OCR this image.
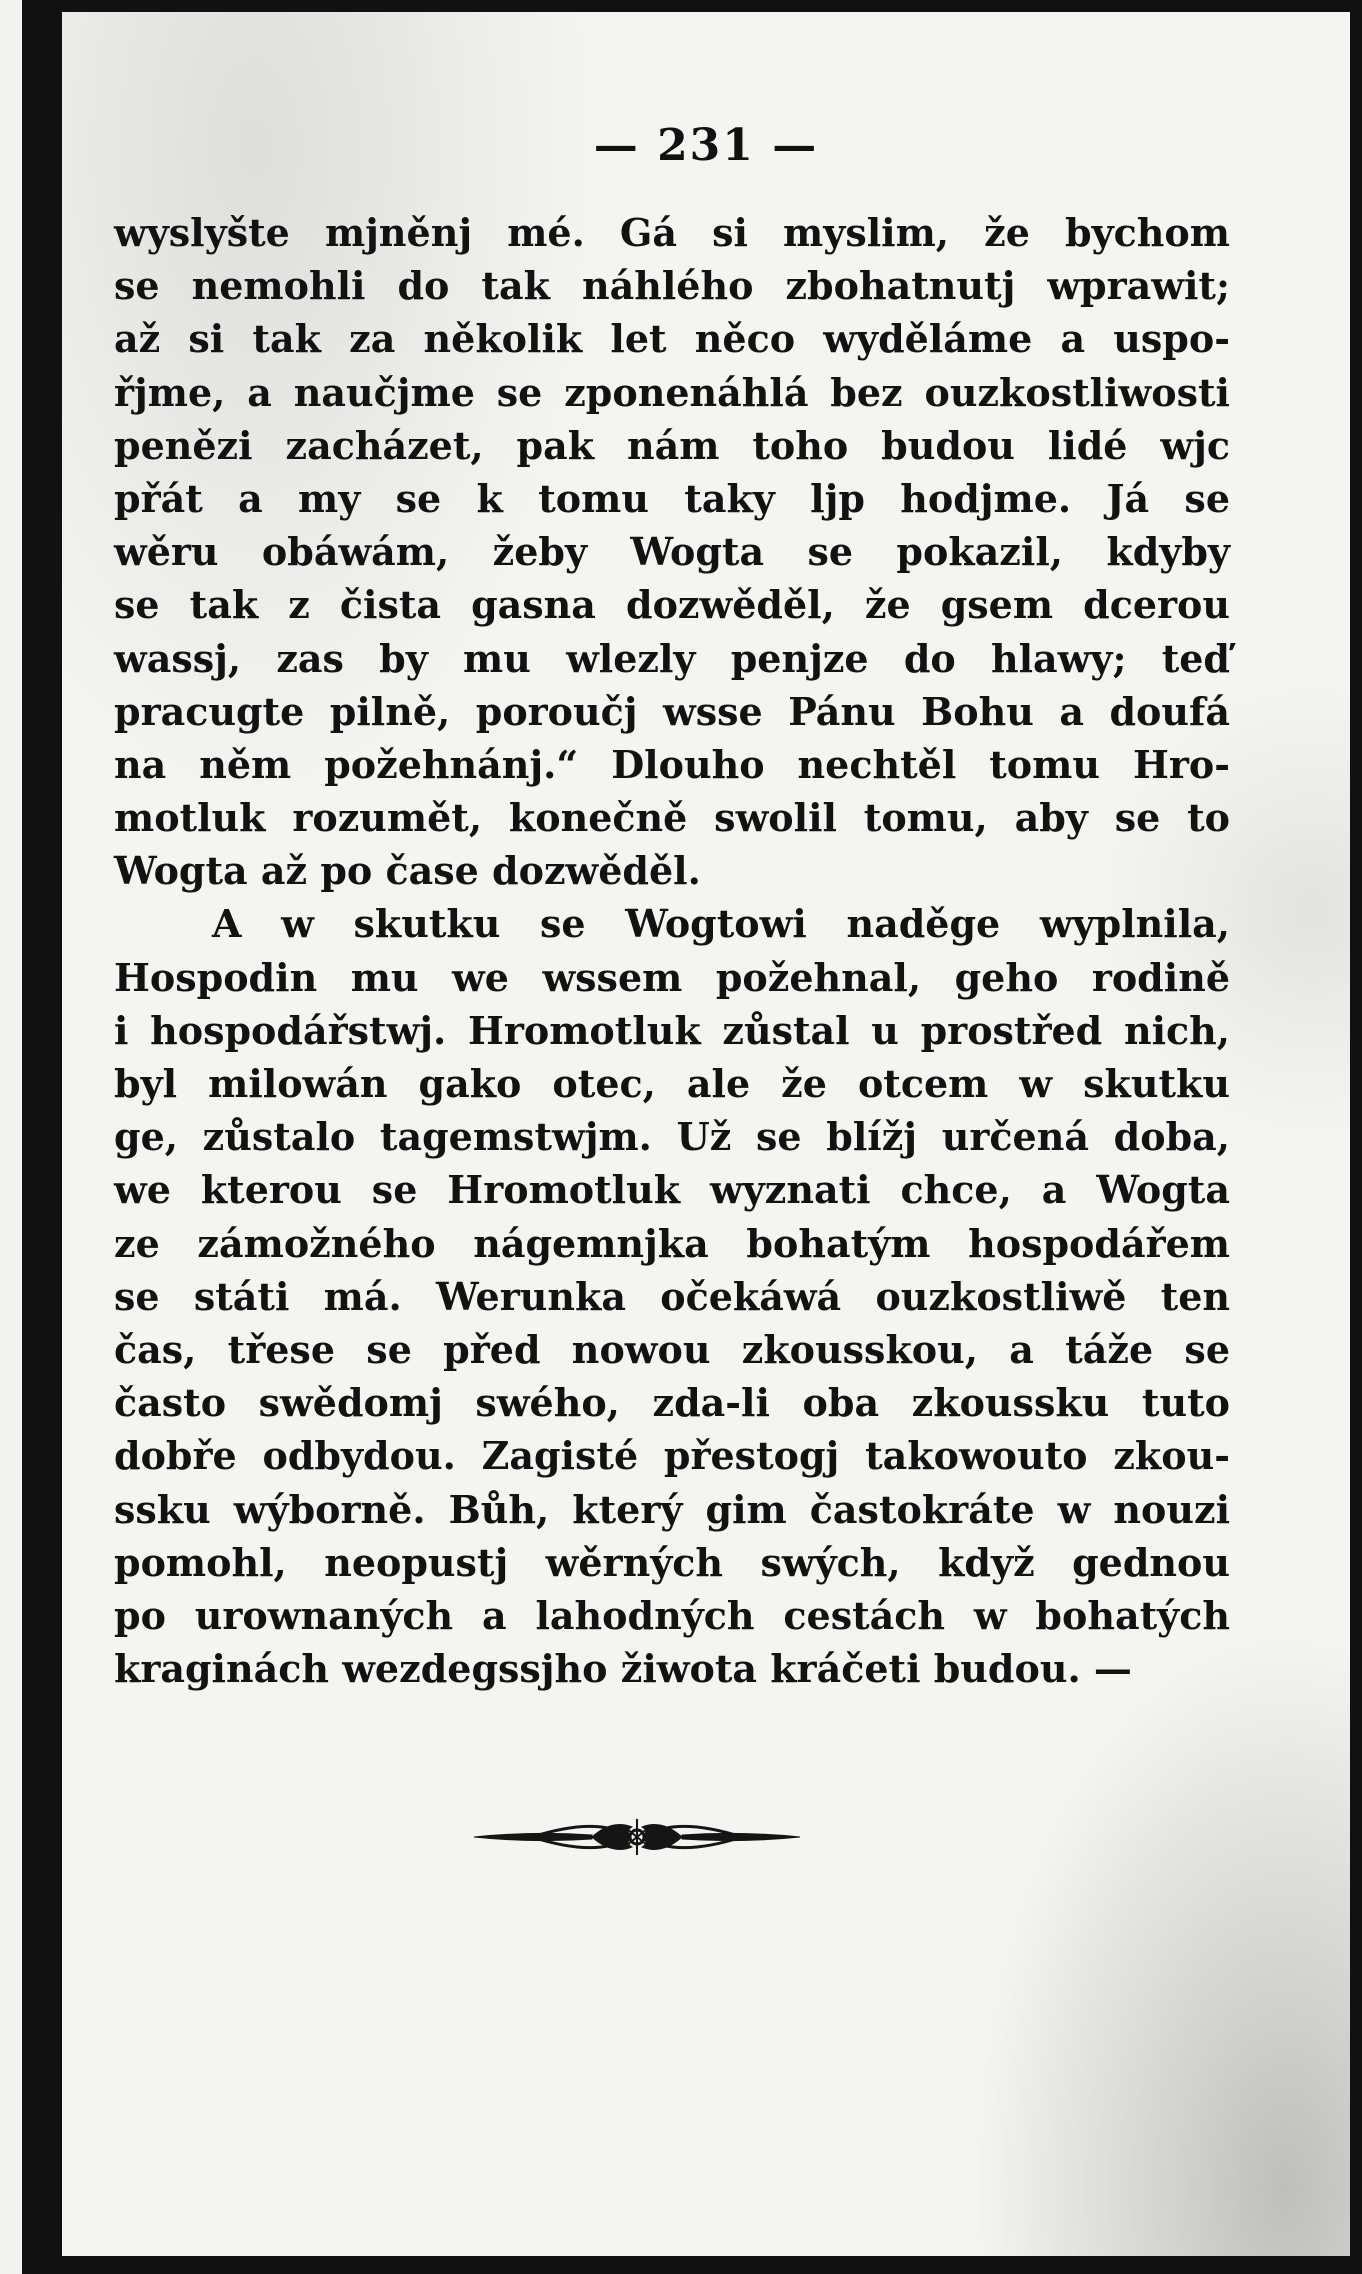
— 231 —
wyslyšte mjněnj mé. Gá si myslim, že bychom
se nemohli do tak náhlého zbohatnutj wprawit;
až si tak za několik let něco wyděláme a uspo-
řjme, a naučjme se zponenáhlá bez ouzkostliwosti
penězi zacházet, pak nám toho budou lidé wjc
přát a my se k tomu taky ljp hodjme. Já se
wěru obáwám, žeby Wogta se pokazil, kdyby
se tak z čista gasna dozwěděl, že gsem dcerou
wassj, zas by mu wlezly penjze do hlawy; teď
pracugte pilně, poroučj wsse Pánu Bohu a doufá
na něm požehnánj.“ Dlouho nechtěl tomu Hro-
motluk rozumět, konečně swolil tomu, aby se to
Wogta až po čase dozwěděl.
A w skutku se Wogtowi naděge wyplnila,
Hospodin mu we wssem požehnal, geho rodině
i hospodářstwj. Hromotluk zůstal u prostřed nich,
byl milowán gako otec, ale že otcem w skutku
ge, zůstalo tagemstwjm. Už se blížj určená doba,
we kterou se Hromotluk wyznati chce, a Wogta
ze zámožného nágemnjka bohatým hospodářem
se státi má. Werunka očekáwá ouzkostliwě ten
čas, třese se před nowou zkousskou, a táže se
často swědomj swého, zda-li oba zkoussku tuto
dobře odbydou. Zagisté přestogj takowouto zkou-
ssku wýborně. Bůh, který gim častokráte w nouzi
pomohl, neopustj wěrných swých, když gednou
po urownaných a lahodných cestách w bohatých
kraginách wezdegssjho žiwota kráčeti budou. —
